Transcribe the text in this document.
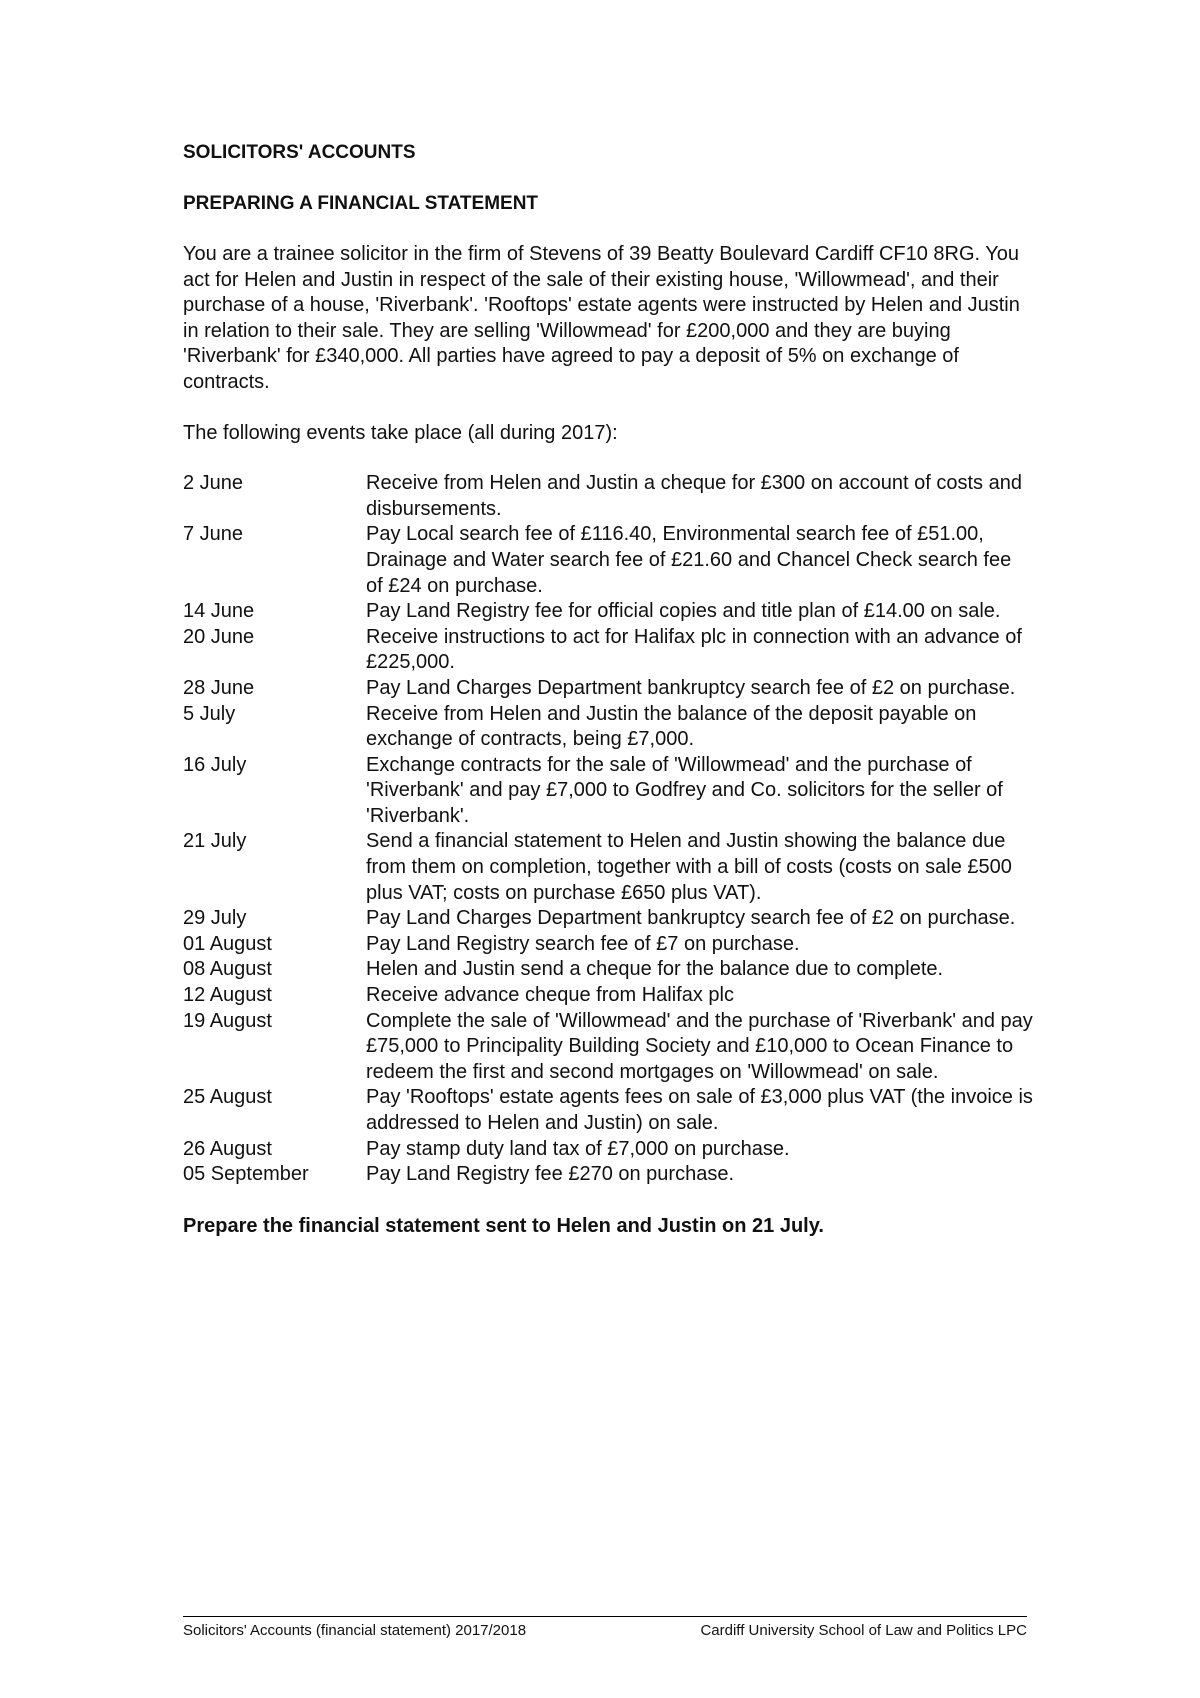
SOLICITORS' ACCOUNTS

PREPARING A FINANCIAL STATEMENT

You are a trainee solicitor in the firm of Stevens of 39 Beatty Boulevard Cardiff CF10 8RG. You act for Helen and Justin in respect of the sale of their existing house, 'Willowmead', and their purchase of a house, 'Riverbank'. 'Rooftops' estate agents were instructed by Helen and Justin in relation to their sale. They are selling 'Willowmead' for £200,000 and they are buying 'Riverbank' for £340,000. All parties have agreed to pay a deposit of 5% on exchange of contracts.

The following events take place (all during 2017):

2 June	Receive from Helen and Justin a cheque for £300 on account of costs and disbursements.
7 June	Pay Local search fee of £116.40, Environmental search fee of £51.00, Drainage and Water search fee of £21.60 and Chancel Check search fee of £24 on purchase.
14 June	Pay Land Registry fee for official copies and title plan of £14.00 on sale.
20 June	Receive instructions to act for Halifax plc in connection with an advance of £225,000.
28 June	Pay Land Charges Department bankruptcy search fee of £2 on purchase.
5 July	Receive from Helen and Justin the balance of the deposit payable on exchange of contracts, being £7,000.
16 July	Exchange contracts for the sale of 'Willowmead' and the purchase of 'Riverbank' and pay £7,000 to Godfrey and Co. solicitors for the seller of 'Riverbank'.
21 July	Send a financial statement to Helen and Justin showing the balance due from them on completion, together with a bill of costs (costs on sale £500 plus VAT; costs on purchase £650 plus VAT).
29 July	Pay Land Charges Department bankruptcy search fee of £2 on purchase.
01 August	Pay Land Registry search fee of £7 on purchase.
08 August	Helen and Justin send a cheque for the balance due to complete.
12 August	Receive advance cheque from Halifax plc
19 August	Complete the sale of 'Willowmead' and the purchase of 'Riverbank' and pay £75,000 to Principality Building Society and £10,000 to Ocean Finance to redeem the first and second mortgages on 'Willowmead' on sale.
25 August	Pay 'Rooftops' estate agents fees on sale of £3,000 plus VAT (the invoice is addressed to Helen and Justin) on sale.
26 August	Pay stamp duty land tax of £7,000 on purchase.
05 September	Pay Land Registry fee £270 on purchase.

Prepare the financial statement sent to Helen and Justin on 21 July.

Solicitors' Accounts (financial statement) 2017/2018	Cardiff University School of Law and Politics LPC
